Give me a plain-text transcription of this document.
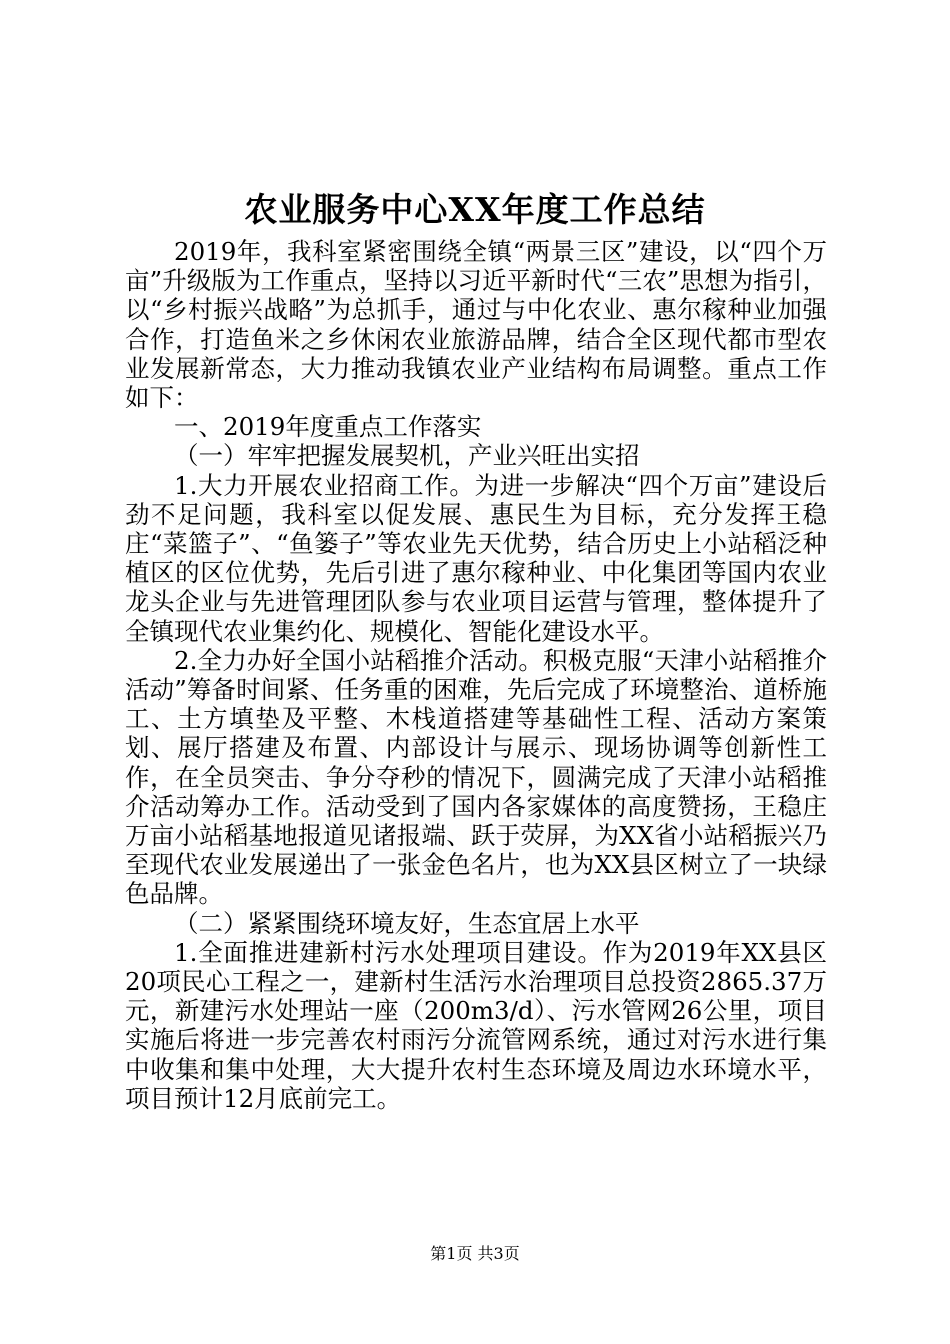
农业服务中心XX年度工作总结

2019年，我科室紧密围绕全镇“两景三区”建设，以“四个万亩”升级版为工作重点，坚持以习近平新时代“三农”思想为指引，以“乡村振兴战略”为总抓手，通过与中化农业、惠尔稼种业加强合作，打造鱼米之乡休闲农业旅游品牌，结合全区现代都市型农业发展新常态，大力推动我镇农业产业结构布局调整。重点工作如下：

一、2019年度重点工作落实

（一）牢牢把握发展契机，产业兴旺出实招

1.大力开展农业招商工作。为进一步解决“四个万亩”建设后劲不足问题，我科室以促发展、惠民生为目标，充分发挥王稳庄“菜篮子”、“鱼篓子”等农业先天优势，结合历史上小站稻泛种植区的区位优势，先后引进了惠尔稼种业、中化集团等国内农业龙头企业与先进管理团队参与农业项目运营与管理，整体提升了全镇现代农业集约化、规模化、智能化建设水平。

2.全力办好全国小站稻推介活动。积极克服“天津小站稻推介活动”筹备时间紧、任务重的困难，先后完成了环境整治、道桥施工、土方填垫及平整、木栈道搭建等基础性工程、活动方案策划、展厅搭建及布置、内部设计与展示、现场协调等创新性工作，在全员突击、争分夺秒的情况下，圆满完成了天津小站稻推介活动筹办工作。活动受到了国内各家媒体的高度赞扬，王稳庄万亩小站稻基地报道见诸报端、跃于荧屏，为XX省小站稻振兴乃至现代农业发展递出了一张金色名片，也为XX县区树立了一块绿色品牌。

（二）紧紧围绕环境友好，生态宜居上水平

1.全面推进建新村污水处理项目建设。作为2019年XX县区20项民心工程之一，建新村生活污水治理项目总投资2865.37万元，新建污水处理站一座（200m3/d）、污水管网26公里，项目实施后将进一步完善农村雨污分流管网系统，通过对污水进行集中收集和集中处理，大大提升农村生态环境及周边水环境水平，项目预计12月底前完工。

第1页 共3页
